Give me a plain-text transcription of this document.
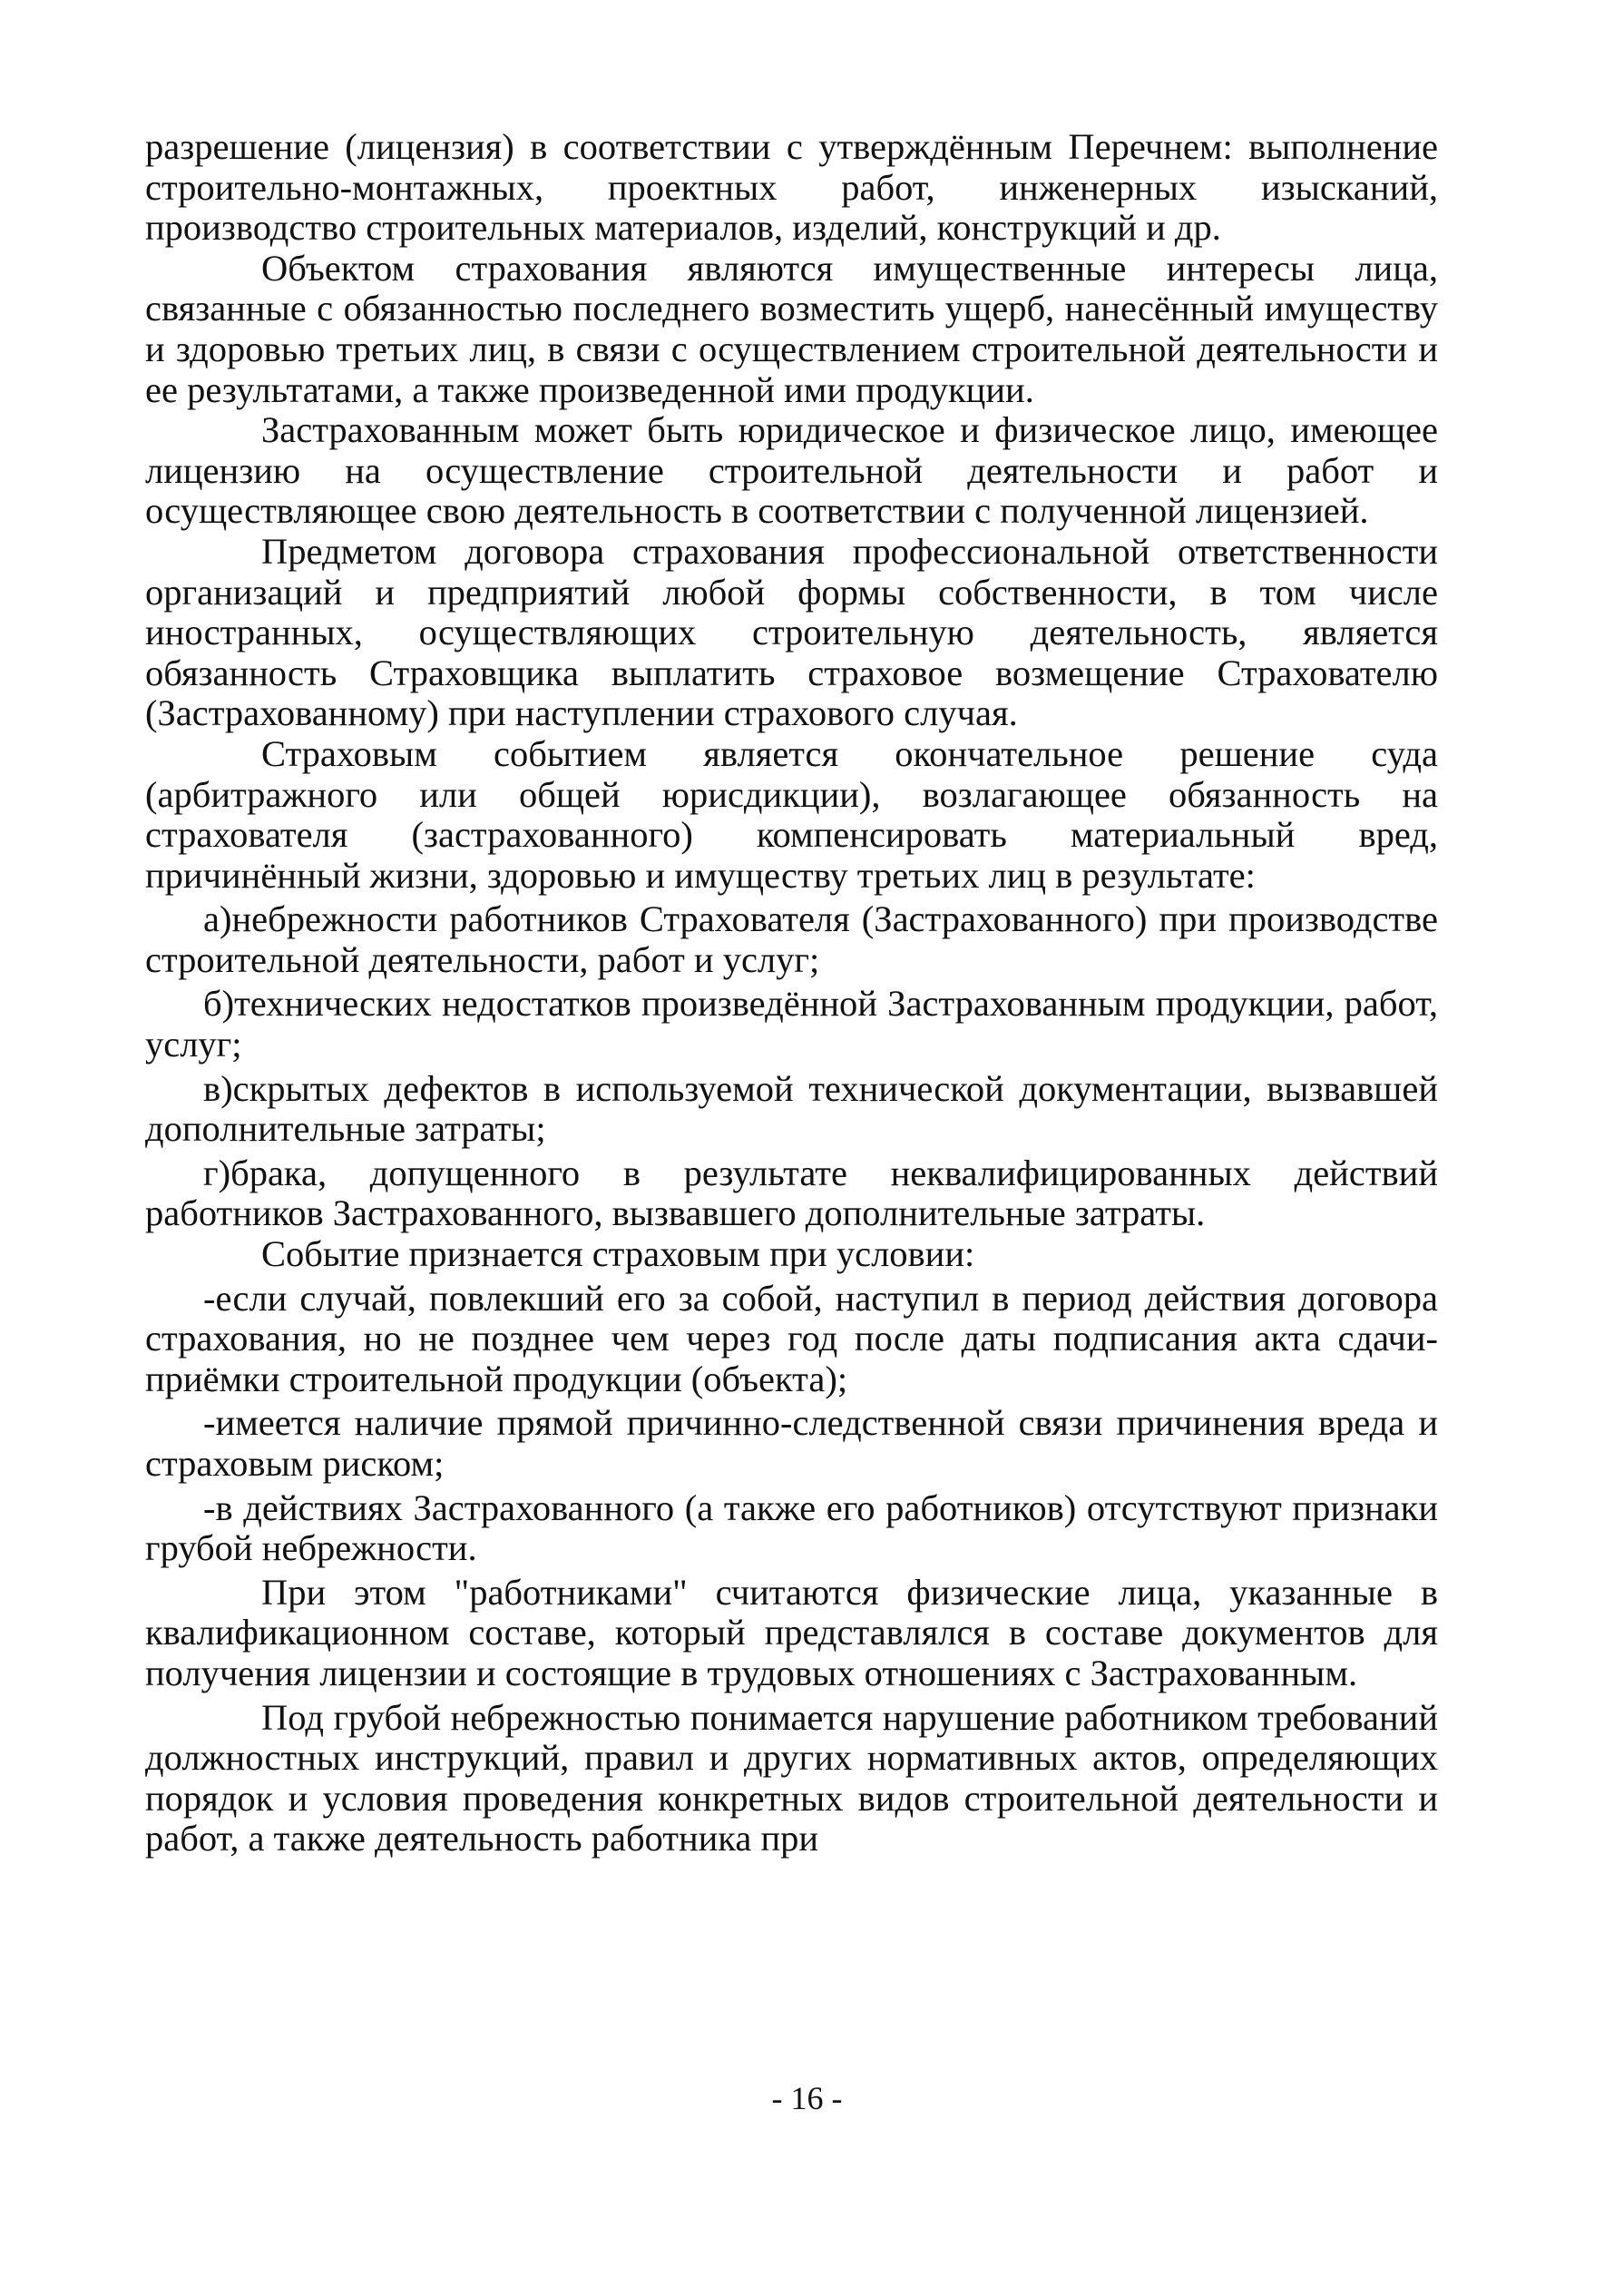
разрешение (лицензия) в соответствии с утверждённым Перечнем: выполнение строительно-монтажных, проектных работ, инженерных изысканий, производство строительных материалов, изделий, конструкций и др.

Объектом страхования являются имущественные интересы лица, связанные с обязанностью последнего возместить ущерб, нанесённый имуществу и здоровью третьих лиц, в связи с осуществлением строительной деятельности и ее результатами, а также произведенной ими продукции.

Застрахованным может быть юридическое и физическое лицо, имеющее лицензию на осуществление строительной деятельности и работ и осуществляющее свою деятельность в соответствии с полученной лицензией.

Предметом договора страхования профессиональной ответственности организаций и предприятий любой формы собственности, в том числе иностранных, осуществляющих строительную деятельность, является обязанность Страховщика выплатить страховое возмещение Страхователю (Застрахованному) при наступлении страхового случая.

Страховым событием является окончательное решение суда (арбитражного или общей юрисдикции), возлагающее обязанность на страхователя (застрахованного) компенсировать материальный вред, причинённый жизни, здоровью и имуществу третьих лиц в результате:

а)небрежности работников Страхователя (Застрахованного) при производстве строительной деятельности, работ и услуг;

б)технических недостатков произведённой Застрахованным продукции, работ, услуг;

в)скрытых дефектов в используемой технической документации, вызвавшей дополнительные затраты;

г)брака, допущенного в результате неквалифицированных действий работников Застрахованного, вызвавшего дополнительные затраты.

Событие признается страховым при условии:

-если случай, повлекший его за собой, наступил в период действия договора страхования, но не позднее чем через год после даты подписания акта сдачи-приёмки строительной продукции (объекта);

-имеется наличие прямой причинно-следственной связи причинения вреда и страховым риском;

-в действиях Застрахованного (а также его работников) отсутствуют признаки грубой небрежности.

При этом "работниками" считаются физические лица, указанные в квалификационном составе, который представлялся в составе документов для получения лицензии и состоящие в трудовых отношениях с Застрахованным.

Под грубой небрежностью понимается нарушение работником требований должностных инструкций, правил и других нормативных актов, определяющих порядок и условия проведения конкретных видов строительной деятельности и работ, а также деятельность работника при

- 16 -
